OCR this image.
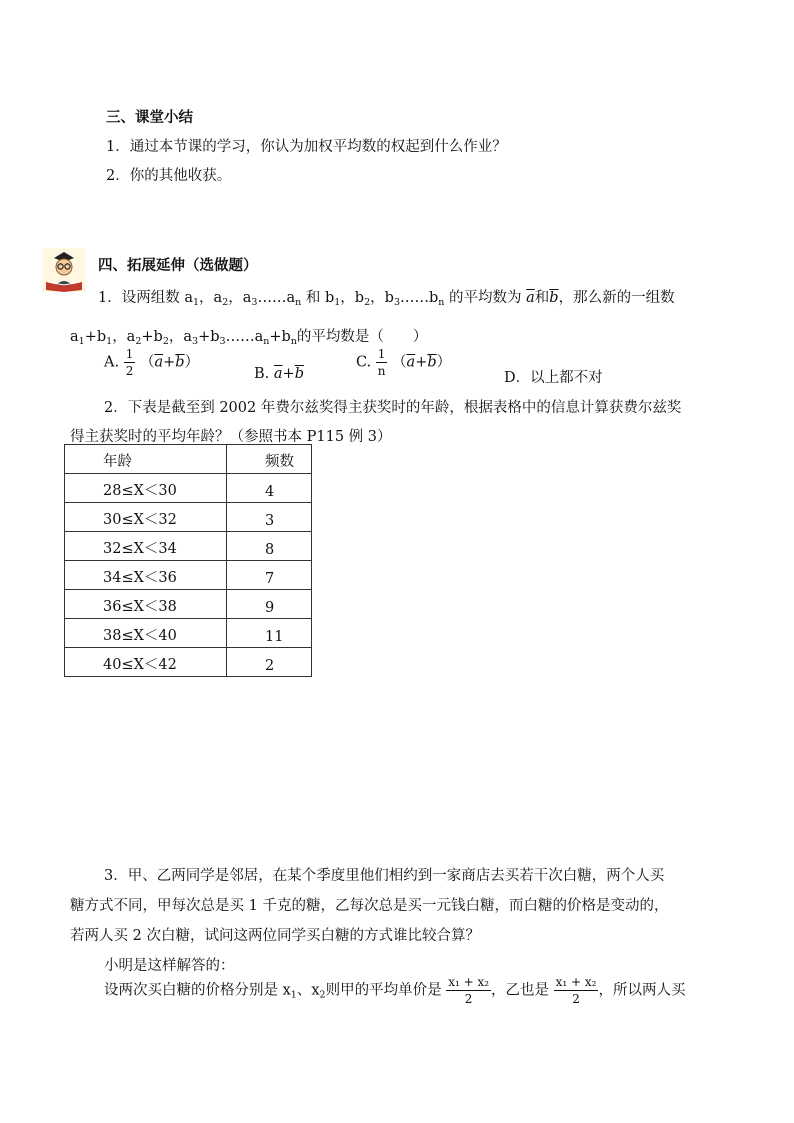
三、课堂小结
1．通过本节课的学习，你认为加权平均数的权起到什么作业？
2．你的其他收获。
四、拓展延伸（选做题）
1．设两组数 $a_1$，$a_2$，$a_3\dots\dots a_n$ 和 $b_1$，$b_2$，$b_3\dots\dots b_n$ 的平均数为 $\overline{a}$和$\overline{b}$，那么新的一组数
$a_1+b_1$，$a_2+b_2$，$a_3+b_3\dots\dots a_n+b_n$的平均数是（　　）
A. $\frac{1}{2} (\overline{a}+\overline{b})$
B. $\overline{a}+\overline{b}$
C. $\frac{1}{n} (\overline{a}+\overline{b})$
D．以上都不对
2．下表是截至到 2002 年费尔兹奖得主获奖时的年龄，根据表格中的信息计算获费尔兹奖
得主获奖时的平均年龄？（参照书本 P115 例 3）
年龄	频数
28≤X＜30	4
30≤X＜32	3
32≤X＜34	8
34≤X＜36	7
36≤X＜38	9
38≤X＜40	11
40≤X＜42	2
3．甲、乙两同学是邻居，在某个季度里他们相约到一家商店去买若干次白糖，两个人买
糖方式不同，甲每次总是买 1 千克的糖，乙每次总是买一元钱白糖，而白糖的价格是变动的，
若两人买 2 次白糖，试问这两位同学买白糖的方式谁比较合算？
小明是这样解答的：
设两次买白糖的价格分别是 $x_1$、$x_2$则甲的平均单价是 $\frac{\text{x₁ + x₂}}{2}$ ，乙也是 $\frac{\text{x₁ + x₂}}{2}$ ，所以两人买
